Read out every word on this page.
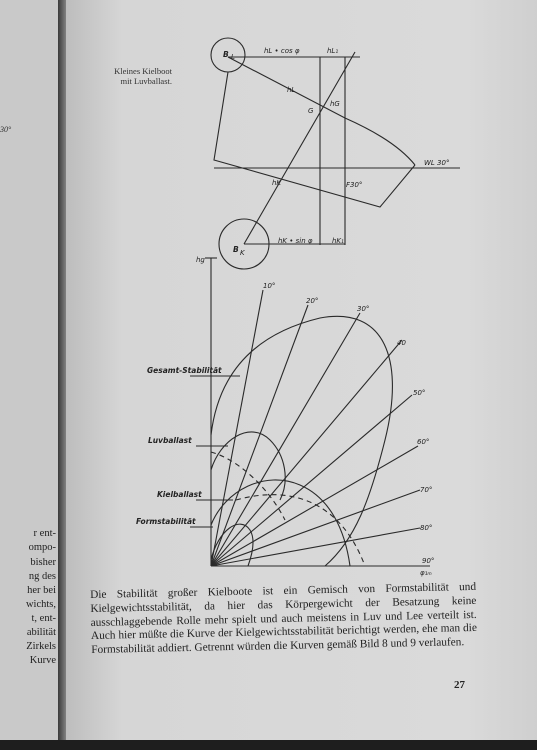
30°
r ent-
ompo-
bisher
ng des
her bei
wichts,
t, ent-
abilität
Zirkels
Kurve
Kleines Kielboot
mit Luvballast.
B L
hL • cos φ	hL₁
hL
G
hG
WL 30°
hK	F30°
B K
hK • sin φ	hK₁
hg
φ₁ₘ
Gesamt-Stabilität
Luvballast
Kielballast
Formstabilität
10°
20°
30°
40
50°
60°
70°
80°
90°
Die Stabilität großer Kielboote ist ein Gemisch von Formstabilität und Kielgewichtsstabilität, da hier das Körpergewicht der Besatzung keine ausschlaggebende Rolle mehr spielt und auch meistens in Luv und Lee verteilt ist. Auch hier müßte die Kurve der Kielgewichtsstabilität berichtigt werden, ehe man die Formstabilität addiert. Getrennt würden die Kurven gemäß Bild 8 und 9 verlaufen.
27
